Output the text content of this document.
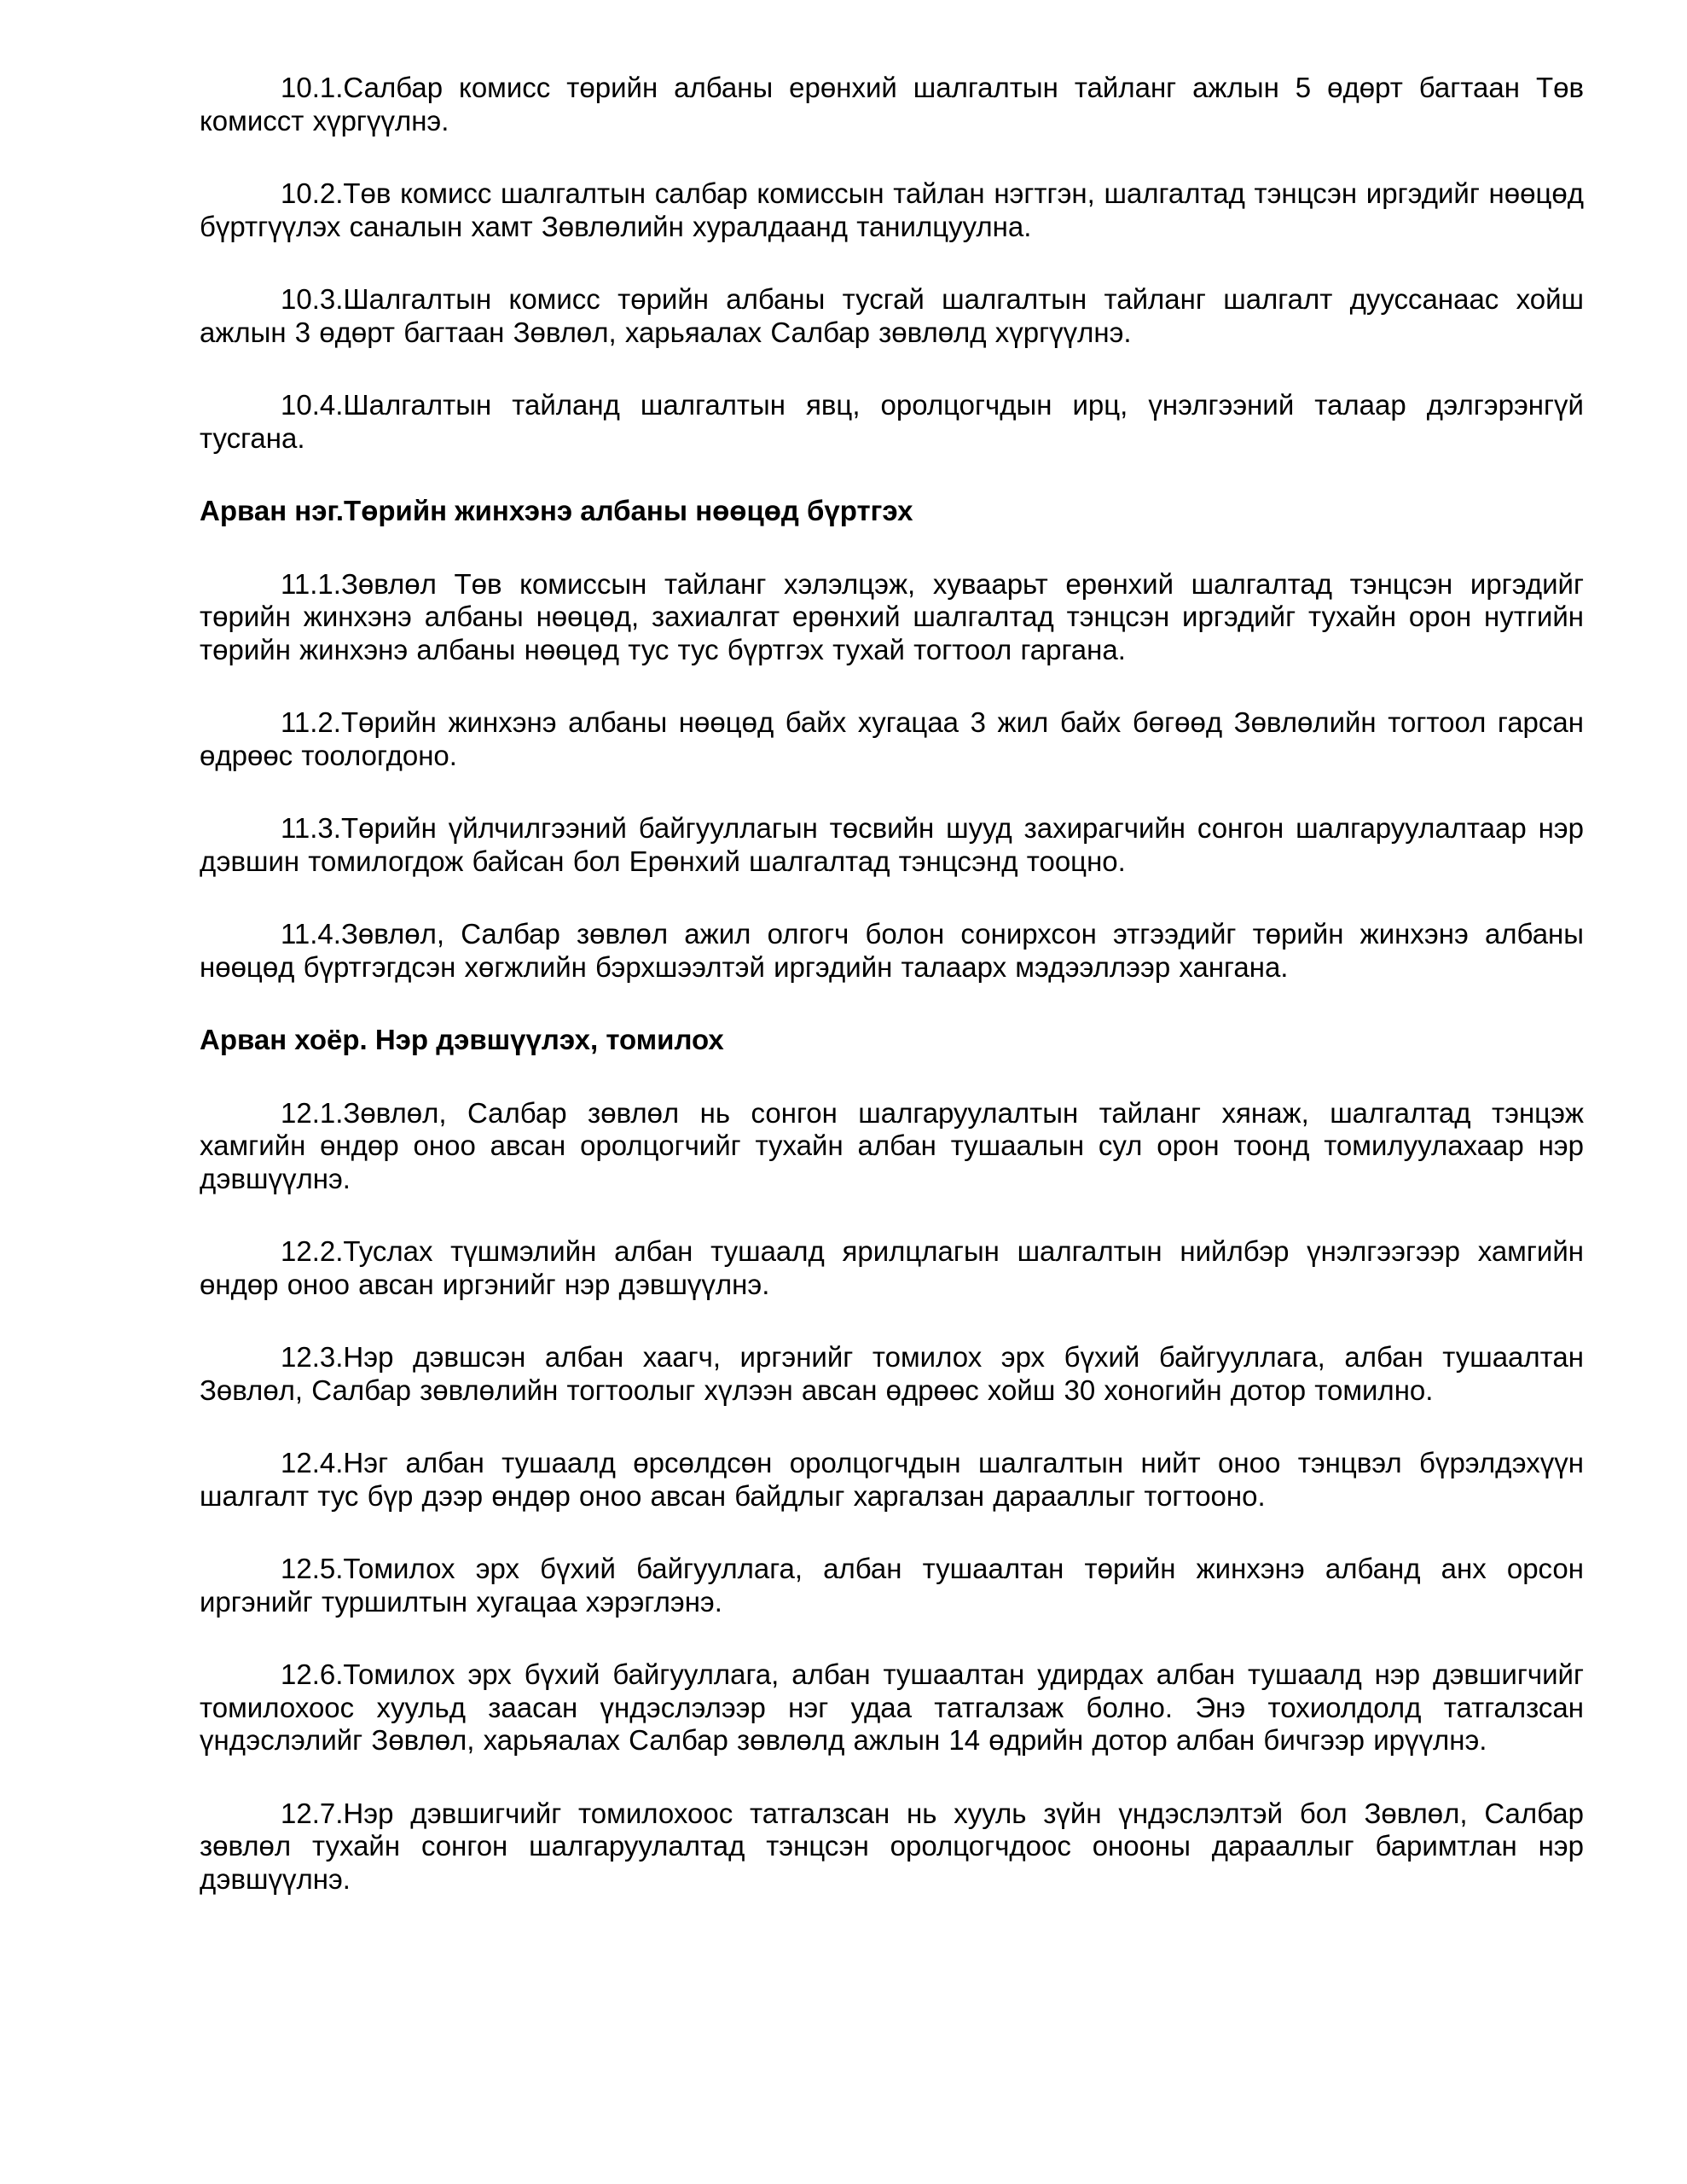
10.1.Салбар комисс төрийн албаны ерөнхий шалгалтын тайланг ажлын 5 өдөрт багтаан Төв комисст хүргүүлнэ.

10.2.Төв комисс шалгалтын салбар комиссын тайлан нэгтгэн, шалгалтад тэнцсэн иргэдийг нөөцөд бүртгүүлэх саналын хамт Зөвлөлийн хуралдаанд танилцуулна.

10.3.Шалгалтын комисс төрийн албаны тусгай шалгалтын тайланг шалгалт дууссанаас хойш ажлын 3 өдөрт багтаан Зөвлөл, харьяалах Салбар зөвлөлд хүргүүлнэ.

10.4.Шалгалтын тайланд шалгалтын явц, оролцогчдын ирц, үнэлгээний талаар дэлгэрэнгүй тусгана.

Арван нэг.Төрийн жинхэнэ албаны нөөцөд бүртгэх

11.1.Зөвлөл Төв комиссын тайланг хэлэлцэж, хуваарьт ерөнхий шалгалтад тэнцсэн иргэдийг төрийн жинхэнэ албаны нөөцөд, захиалгат ерөнхий шалгалтад тэнцсэн иргэдийг тухайн орон нутгийн төрийн жинхэнэ албаны нөөцөд тус тус бүртгэх тухай тогтоол гаргана.

11.2.Төрийн жинхэнэ албаны нөөцөд байх хугацаа 3 жил байх бөгөөд Зөвлөлийн тогтоол гарсан өдрөөс тоологдоно.

11.3.Төрийн үйлчилгээний байгууллагын төсвийн шууд захирагчийн сонгон шалгаруулалтаар нэр дэвшин томилогдож байсан бол Ерөнхий шалгалтад тэнцсэнд тооцно.

11.4.Зөвлөл, Салбар зөвлөл ажил олгогч болон сонирхсон этгээдийг төрийн жинхэнэ албаны нөөцөд бүртгэгдсэн хөгжлийн бэрхшээлтэй иргэдийн талаарх мэдээллээр хангана.

Арван хоёр. Нэр дэвшүүлэх, томилох

12.1.Зөвлөл, Салбар зөвлөл нь сонгон шалгаруулалтын тайланг хянаж, шалгалтад тэнцэж хамгийн өндөр оноо авсан оролцогчийг тухайн албан тушаалын сул орон тоонд томилуулахаар нэр дэвшүүлнэ.

12.2.Туслах түшмэлийн албан тушаалд ярилцлагын шалгалтын нийлбэр үнэлгээгээр хамгийн өндөр оноо авсан иргэнийг нэр дэвшүүлнэ.

12.3.Нэр дэвшсэн албан хаагч, иргэнийг томилох эрх бүхий байгууллага, албан тушаалтан Зөвлөл, Салбар зөвлөлийн тогтоолыг хүлээн авсан өдрөөс хойш 30 хоногийн дотор томилно.

12.4.Нэг албан тушаалд өрсөлдсөн оролцогчдын шалгалтын нийт оноо тэнцвэл бүрэлдэхүүн шалгалт тус бүр дээр өндөр оноо авсан байдлыг харгалзан дарааллыг тогтооно.

12.5.Томилох эрх бүхий байгууллага, албан тушаалтан төрийн жинхэнэ албанд анх орсон иргэнийг туршилтын хугацаа хэрэглэнэ.

12.6.Томилох эрх бүхий байгууллага, албан тушаалтан удирдах албан тушаалд нэр дэвшигчийг томилохоос хуульд заасан үндэслэлээр нэг удаа татгалзаж болно. Энэ тохиолдолд татгалзсан үндэслэлийг Зөвлөл, харьяалах Салбар зөвлөлд ажлын 14 өдрийн дотор албан бичгээр ирүүлнэ.

12.7.Нэр дэвшигчийг томилохоос татгалзсан нь хууль зүйн үндэслэлтэй бол Зөвлөл, Салбар зөвлөл тухайн сонгон шалгаруулалтад тэнцсэн оролцогчдоос онооны дарааллыг баримтлан нэр дэвшүүлнэ.
